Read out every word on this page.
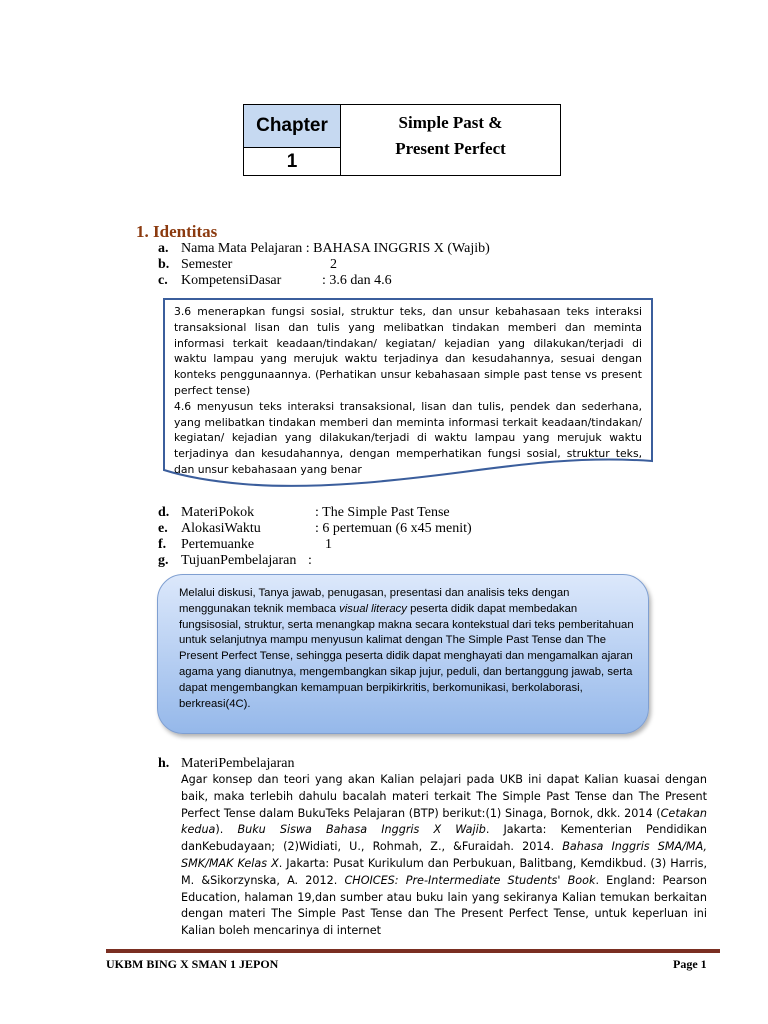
Chapter
1
Simple Past &
Present Perfect
1. Identitas
a. Nama Mata Pelajaran : BAHASA INGGRIS X (Wajib)
b. Semester	2
c. KompetensiDasar	: 3.6 dan 4.6
3.6 menerapkan fungsi sosial, struktur teks, dan unsur kebahasaan teks interaksi transaksional lisan dan tulis yang melibatkan tindakan memberi dan meminta informasi terkait keadaan/tindakan/ kegiatan/ kejadian yang dilakukan/terjadi di waktu lampau yang merujuk waktu terjadinya dan kesudahannya, sesuai dengan konteks penggunaannya. (Perhatikan unsur kebahasaan simple past tense vs present perfect tense)
4.6 menyusun teks interaksi transaksional, lisan dan tulis, pendek dan sederhana, yang melibatkan tindakan memberi dan meminta informasi terkait keadaan/tindakan/ kegiatan/ kejadian yang dilakukan/terjadi di waktu lampau yang merujuk waktu terjadinya dan kesudahannya, dengan memperhatikan fungsi sosial, struktur teks, dan unsur kebahasaan yang benar
d. MateriPokok	: The Simple Past Tense
e. AlokasiWaktu	: 6 pertemuan (6 x45 menit)
f. Pertemuanke	1
g. TujuanPembelajaran :
Melalui diskusi, Tanya jawab, penugasan, presentasi dan analisis teks dengan menggunakan teknik membaca visual literacy peserta didik dapat membedakan fungsisosial, struktur, serta menangkap makna secara kontekstual dari teks pemberitahuan untuk selanjutnya mampu menyusun kalimat dengan The Simple Past Tense dan The Present Perfect Tense, sehingga peserta didik dapat menghayati dan mengamalkan ajaran agama yang dianutnya, mengembangkan sikap jujur, peduli, dan bertanggung jawab, serta dapat mengembangkan kemampuan berpikirkritis, berkomunikasi, berkolaborasi, berkreasi(4C).
h. MateriPembelajaran
Agar konsep dan teori yang akan Kalian pelajari pada UKB ini dapat Kalian kuasai dengan baik, maka terlebih dahulu bacalah materi terkait The Simple Past Tense dan The Present Perfect Tense dalam BukuTeks Pelajaran (BTP) berikut:(1) Sinaga, Bornok, dkk. 2014 (Cetakan kedua). Buku Siswa Bahasa Inggris X Wajib. Jakarta: Kementerian Pendidikan danKebudayaan; (2)Widiati, U., Rohmah, Z., &Furaidah. 2014. Bahasa Inggris SMA/MA, SMK/MAK Kelas X. Jakarta: Pusat Kurikulum dan Perbukuan, Balitbang, Kemdikbud. (3) Harris, M. &Sikorzynska, A. 2012. CHOICES: Pre-Intermediate Students' Book. England: Pearson Education, halaman 19,dan sumber atau buku lain yang sekiranya Kalian temukan berkaitan dengan materi The Simple Past Tense dan The Present Perfect Tense, untuk keperluan ini Kalian boleh mencarinya di internet
UKBM BING X SMAN 1 JEPON	Page 1
